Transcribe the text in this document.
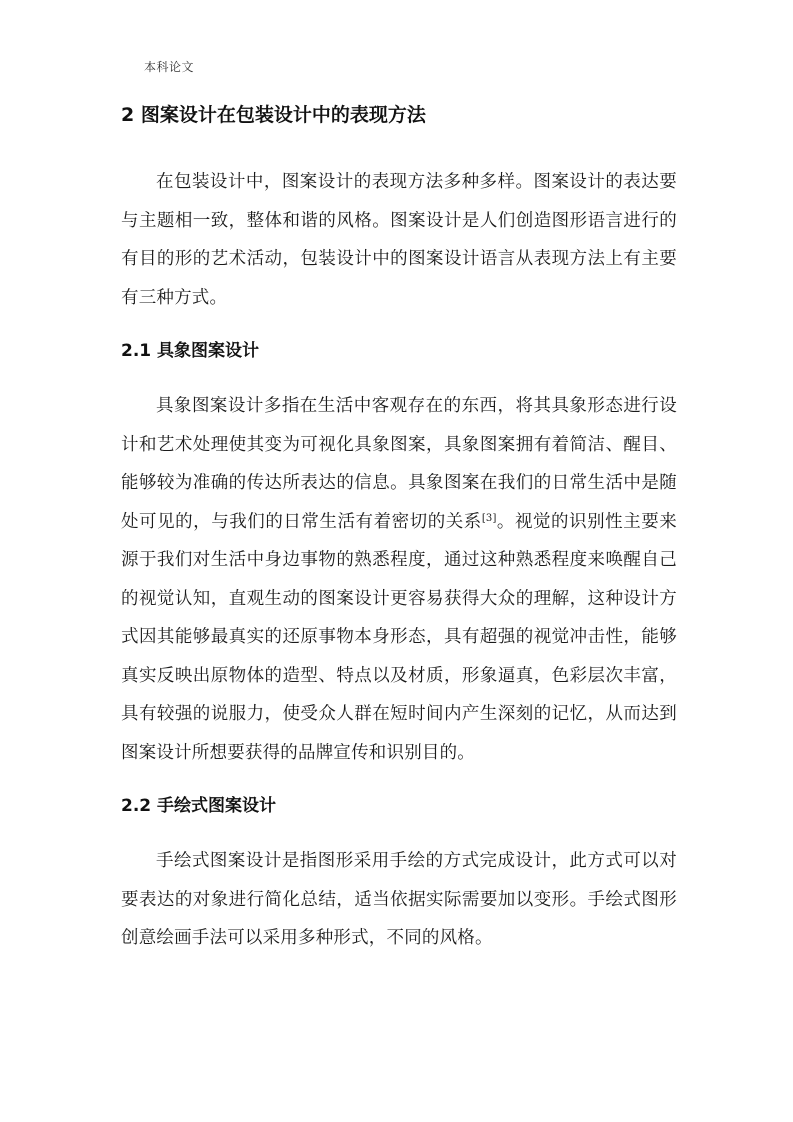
本科论文
2 图案设计在包装设计中的表现方法

在包装设计中，图案设计的表现方法多种多样。图案设计的表达要与主题相一致，整体和谐的风格。图案设计是人们创造图形语言进行的有目的形的艺术活动，包装设计中的图案设计语言从表现方法上有主要有三种方式。

2.1 具象图案设计

具象图案设计多指在生活中客观存在的东西，将其具象形态进行设计和艺术处理使其变为可视化具象图案，具象图案拥有着简洁、醒目、能够较为准确的传达所表达的信息。具象图案在我们的日常生活中是随处可见的，与我们的日常生活有着密切的关系[3]。视觉的识别性主要来源于我们对生活中身边事物的熟悉程度，通过这种熟悉程度来唤醒自己的视觉认知，直观生动的图案设计更容易获得大众的理解，这种设计方式因其能够最真实的还原事物本身形态，具有超强的视觉冲击性，能够真实反映出原物体的造型、特点以及材质，形象逼真，色彩层次丰富，具有较强的说服力，使受众人群在短时间内产生深刻的记忆，从而达到图案设计所想要获得的品牌宣传和识别目的。

2.2 手绘式图案设计

手绘式图案设计是指图形采用手绘的方式完成设计，此方式可以对要表达的对象进行简化总结，适当依据实际需要加以变形。手绘式图形创意绘画手法可以采用多种形式，不同的风格。
